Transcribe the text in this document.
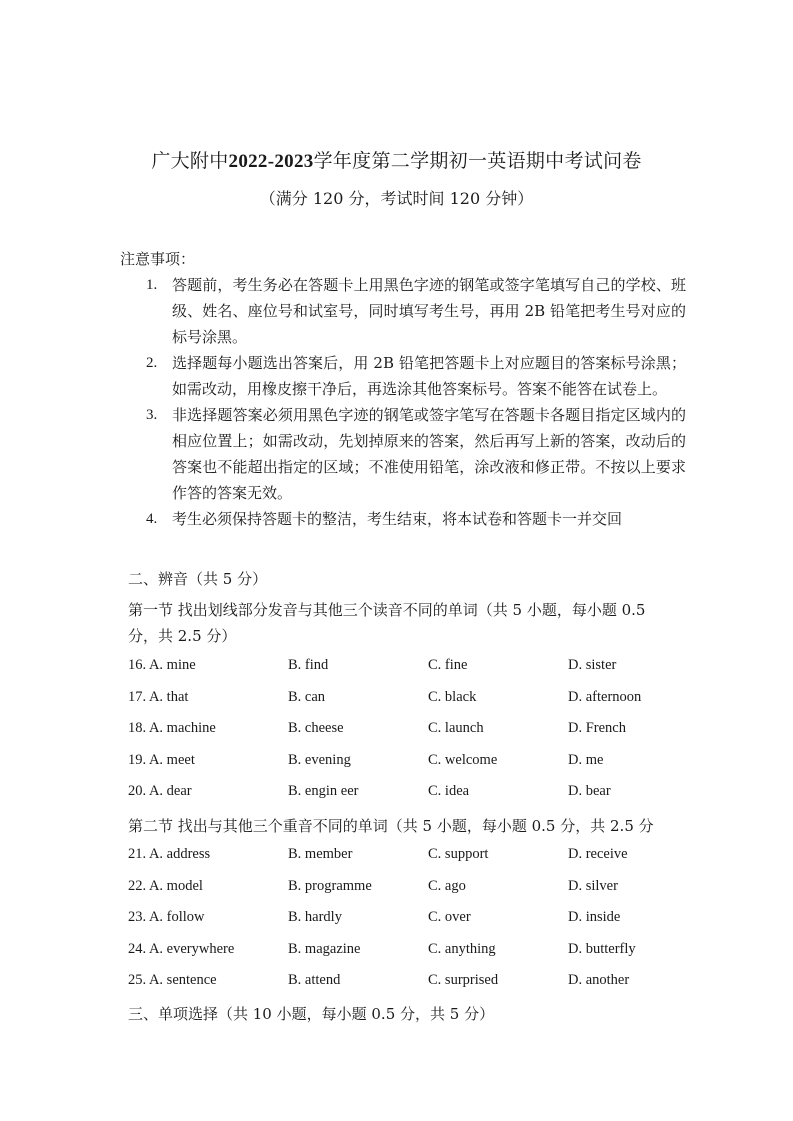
广大附中2022-2023学年度第二学期初一英语期中考试问卷
（满分 120 分，考试时间 120 分钟）
注意事项：
1. 答题前，考生务必在答题卡上用黑色字迹的钢笔或签字笔填写自己的学校、班级、姓名、座位号和试室号，同时填写考生号，再用 2B 铅笔把考生号对应的标号涂黑。
2. 选择题每小题选出答案后，用 2B 铅笔把答题卡上对应题目的答案标号涂黑；如需改动，用橡皮擦干净后，再选涂其他答案标号。答案不能答在试卷上。
3. 非选择题答案必须用黑色字迹的钢笔或签字笔写在答题卡各题目指定区域内的相应位置上；如需改动，先划掉原来的答案，然后再写上新的答案，改动后的答案也不能超出指定的区域；不准使用铅笔，涂改液和修正带。不按以上要求作答的答案无效。
4. 考生必须保持答题卡的整洁，考生结束，将本试卷和答题卡一并交回
二、辨音（共 5 分）
第一节 找出划线部分发音与其他三个读音不同的单词（共 5 小题，每小题 0.5 分，共 2.5 分）
16. A. mine	B. find	C. fine	D. sister
17. A. that	B. can	C. black	D. afternoon
18. A. machine	B. cheese	C. launch	D. French
19. A. meet	B. evening	C. welcome	D. me
20. A. dear	B. engin eer	C. idea	D. bear
第二节 找出与其他三个重音不同的单词（共 5 小题，每小题 0.5 分，共 2.5 分
21. A. address	B. member	C. support	D. receive
22. A. model	B. programme	C. ago	D. silver
23. A. follow	B. hardly	C. over	D. inside
24. A. everywhere	B. magazine	C. anything	D. butterfly
25. A. sentence	B. attend	C. surprised	D. another
三、单项选择（共 10 小题，每小题 0.5 分，共 5 分）
